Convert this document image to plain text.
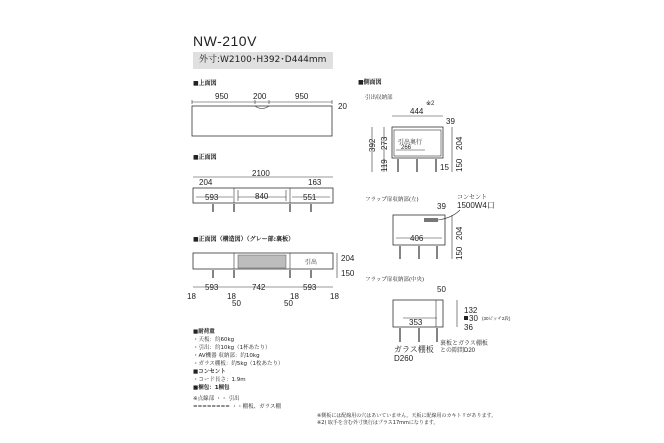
NW-210V
外寸:W2100･H392･D444mm
■上面図
■正面図
■正面図（構造図）（グレー部:裏板）
■側面図
引出収納部
フラップ扉収納部(左)
フラップ扉収納部(中央)
950	200	950
20
2100
204	163
593	840	551
引出
593	742	593
18	18	18	18
50	50
204
150
444
※2
39
引出奥行
266
392 273
119
204
150
15
39
コンセント
1500W4口
406	204
150
50
353
132
30 (30ピッチ2段)
36
ガラス棚板
D260
裏板とガラス棚板
との隙間D20
■耐荷重
・天板：約60kg
・引出：約10kg（1杯あたり）
・AV機器 収納部：約10kg
・ガラス棚板：約5kg（1枚あたり）
■コンセント
・コード長さ：1.9m
■梱包：1梱包
※点線部 ・・ 引出
======== ・・棚板、ガラス棚
※側板には配線用の穴はあいていません。天板に配線用のカキトリがあります。
※2) 取手を含む外寸奥行はプラス17mmになります。
